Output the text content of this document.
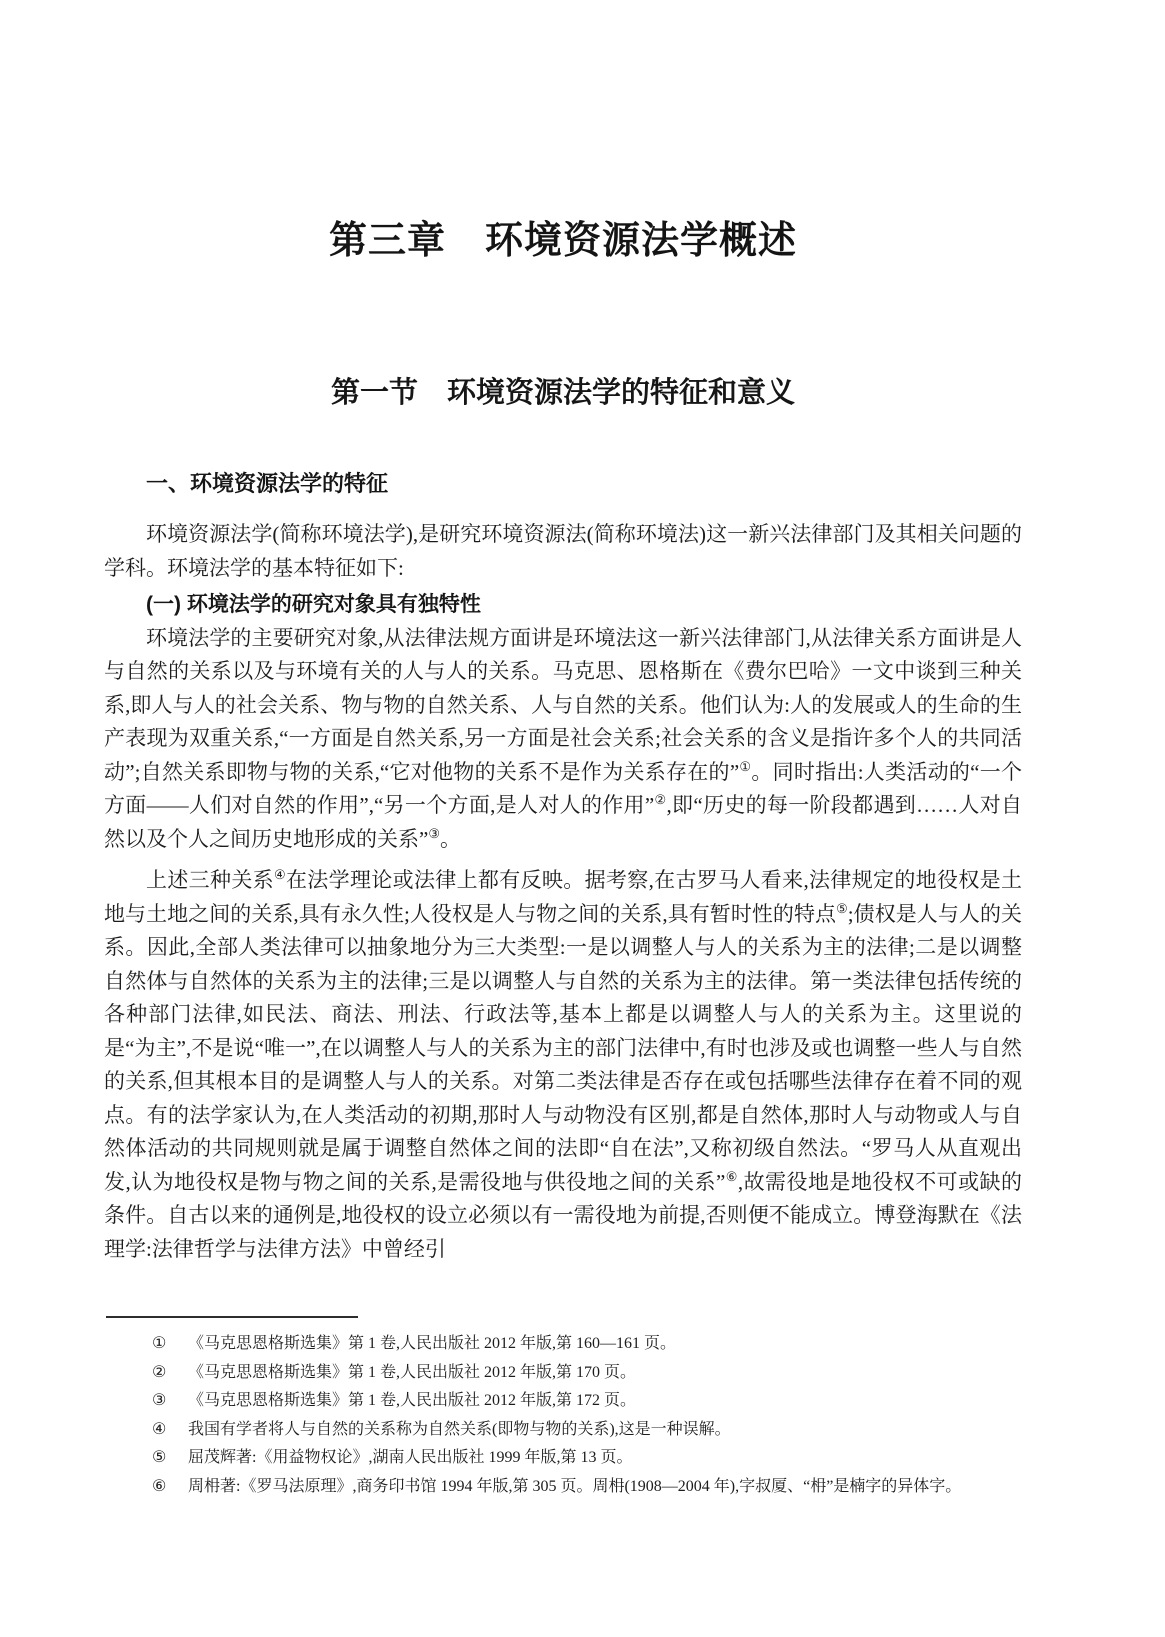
第三章　环境资源法学概述
第一节　环境资源法学的特征和意义
一、环境资源法学的特征

环境资源法学(简称环境法学),是研究环境资源法(简称环境法)这一新兴法律部门及其相关问题的学科。环境法学的基本特征如下:

(一) 环境法学的研究对象具有独特性

环境法学的主要研究对象,从法律法规方面讲是环境法这一新兴法律部门,从法律关系方面讲是人与自然的关系以及与环境有关的人与人的关系。马克思、恩格斯在《费尔巴哈》一文中谈到三种关系,即人与人的社会关系、物与物的自然关系、人与自然的关系。他们认为:人的发展或人的生命的生产表现为双重关系,“一方面是自然关系,另一方面是社会关系;社会关系的含义是指许多个人的共同活动”;自然关系即物与物的关系,“它对他物的关系不是作为关系存在的”①。同时指出:人类活动的“一个方面——人们对自然的作用”,“另一个方面,是人对人的作用”②,即“历史的每一阶段都遇到……人对自然以及个人之间历史地形成的关系”③。

上述三种关系④在法学理论或法律上都有反映。据考察,在古罗马人看来,法律规定的地役权是土地与土地之间的关系,具有永久性;人役权是人与物之间的关系,具有暂时性的特点⑤;债权是人与人的关系。因此,全部人类法律可以抽象地分为三大类型:一是以调整人与人的关系为主的法律;二是以调整自然体与自然体的关系为主的法律;三是以调整人与自然的关系为主的法律。第一类法律包括传统的各种部门法律,如民法、商法、刑法、行政法等,基本上都是以调整人与人的关系为主。这里说的是“为主”,不是说“唯一”,在以调整人与人的关系为主的部门法律中,有时也涉及或也调整一些人与自然的关系,但其根本目的是调整人与人的关系。对第二类法律是否存在或包括哪些法律存在着不同的观点。有的法学家认为,在人类活动的初期,那时人与动物没有区别,都是自然体,那时人与动物或人与自然体活动的共同规则就是属于调整自然体之间的法即“自在法”,又称初级自然法。“罗马人从直观出发,认为地役权是物与物之间的关系,是需役地与供役地之间的关系”⑥,故需役地是地役权不可或缺的条件。自古以来的通例是,地役权的设立必须以有一需役地为前提,否则便不能成立。博登海默在《法理学:法律哲学与法律方法》中曾经引

①	《马克思恩格斯选集》第 1 卷,人民出版社 2012 年版,第 160—161 页。
②	《马克思恩格斯选集》第 1 卷,人民出版社 2012 年版,第 170 页。
③	《马克思恩格斯选集》第 1 卷,人民出版社 2012 年版,第 172 页。
④	我国有学者将人与自然的关系称为自然关系(即物与物的关系),这是一种误解。
⑤	屈茂辉著:《用益物权论》,湖南人民出版社 1999 年版,第 13 页。
⑥	周枏著:《罗马法原理》,商务印书馆 1994 年版,第 305 页。周枏(1908—2004 年),字叔厦、“枏”是楠字的异体字。
